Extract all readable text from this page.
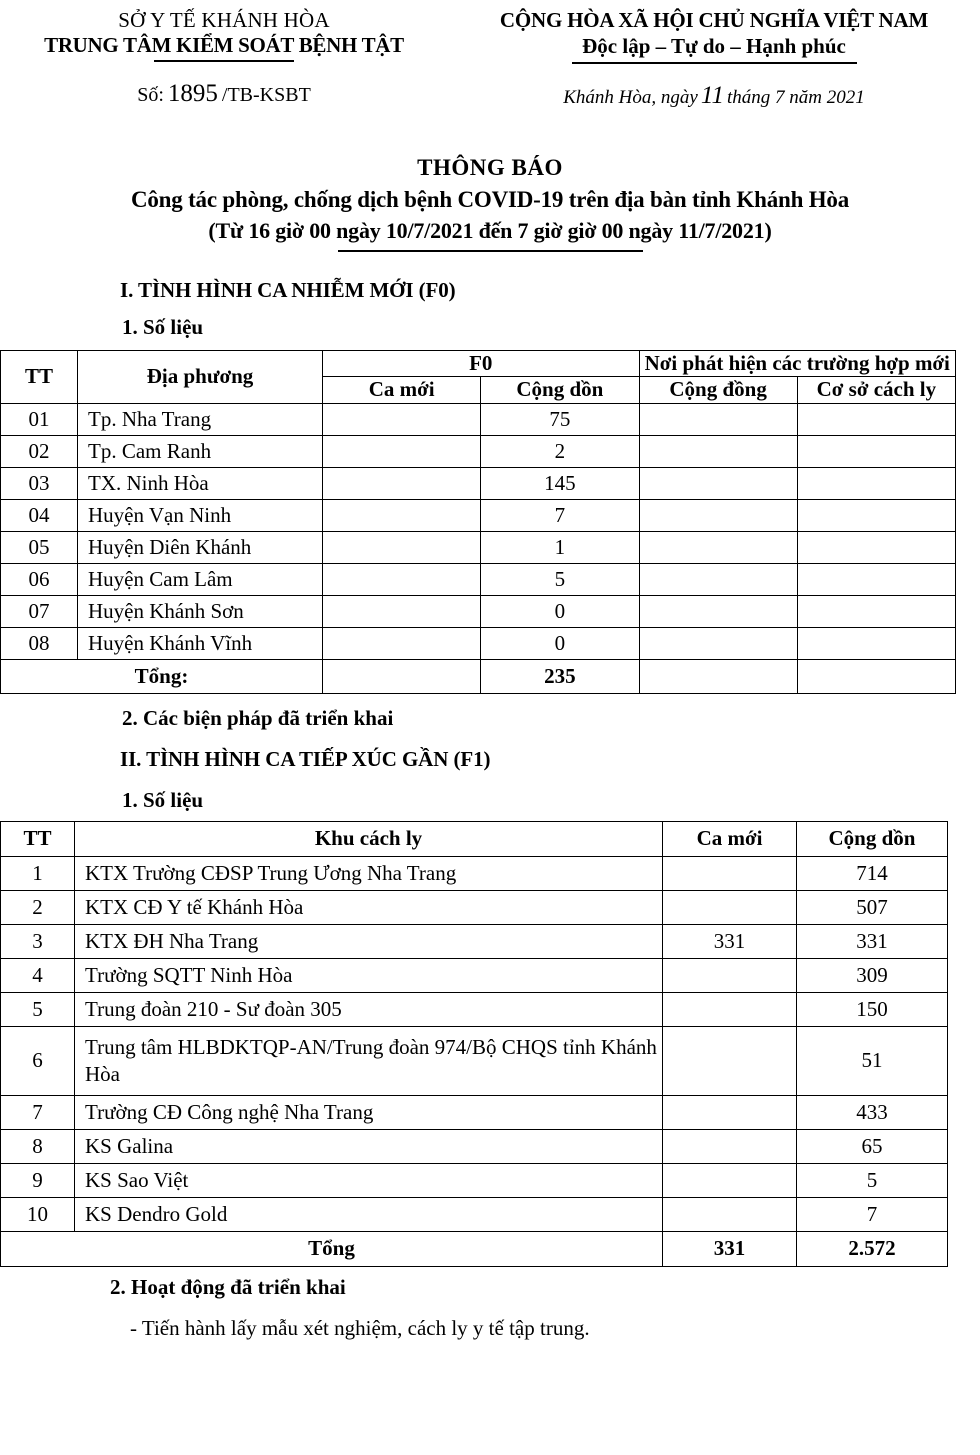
SỞ Y TẾ KHÁNH HÒA
TRUNG TÂM KIỂM SOÁT BỆNH TẬT
Số: 1895 /TB-KSBT
CỘNG HÒA XÃ HỘI CHỦ NGHĨA VIỆT NAM
Độc lập – Tự do – Hạnh phúc
Khánh Hòa, ngày 11 tháng 7 năm 2021
THÔNG BÁO
Công tác phòng, chống dịch bệnh COVID-19 trên địa bàn tỉnh Khánh Hòa
(Từ 16 giờ 00 ngày 10/7/2021 đến 7 giờ giờ 00 ngày 11/7/2021)
I. TÌNH HÌNH CA NHIỄM MỚI (F0)
1. Số liệu
TT	Địa phương	F0		Nơi phát hiện các trường hợp mới	
		Ca mới	Cộng dồn	Cộng đồng	Cơ sở cách ly
01	Tp. Nha Trang		75		
02	Tp. Cam Ranh		2		
03	TX. Ninh Hòa		145		
04	Huyện Vạn Ninh		7		
05	Huyện Diên Khánh		1		
06	Huyện Cam Lâm		5		
07	Huyện Khánh Sơn		0		
08	Huyện Khánh Vĩnh		0		
Tổng:			235		
2. Các biện pháp đã triển khai
II. TÌNH HÌNH CA TIẾP XÚC GẦN (F1)
1. Số liệu
TT	Khu cách ly	Ca mới	Cộng dồn
1	KTX Trường CĐSP Trung Ương Nha Trang		714
2	KTX CĐ Y tế Khánh Hòa		507
3	KTX ĐH Nha Trang	331	331
4	Trường SQTT Ninh Hòa		309
5	Trung đoàn 210 - Sư đoàn 305		150
6	Trung tâm HLBDKTQP-AN/Trung đoàn 974/Bộ CHQS tỉnh Khánh Hòa		51
7	Trường CĐ Công nghệ Nha Trang		433
8	KS Galina		65
9	KS Sao Việt		5
10	KS Dendro Gold		7
Tổng		331	2.572
2. Hoạt động đã triển khai
- Tiến hành lấy mẫu xét nghiệm, cách ly y tế tập trung.
